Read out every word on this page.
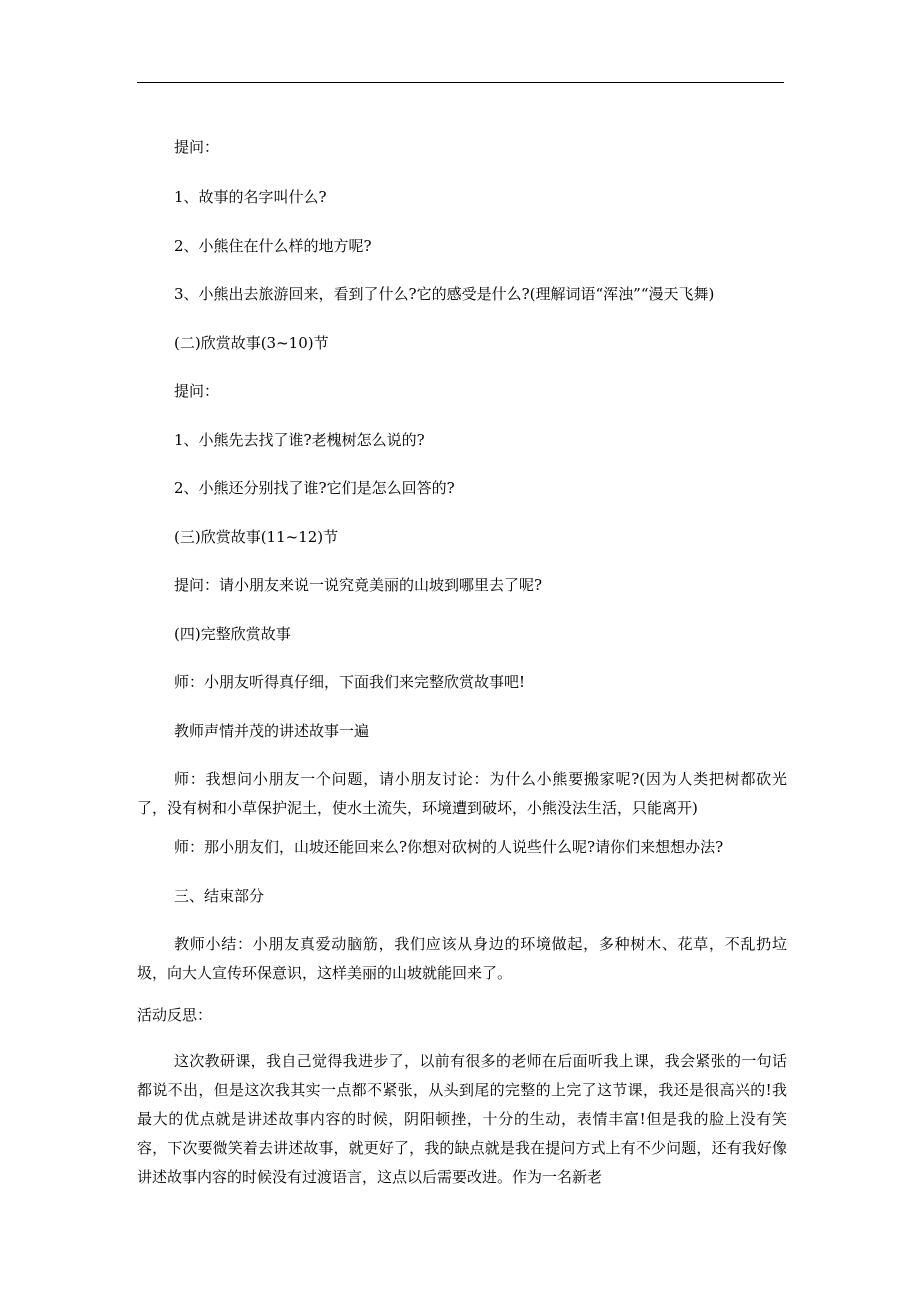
提问：
1、故事的名字叫什么?
2、小熊住在什么样的地方呢?
3、小熊出去旅游回来，看到了什么?它的感受是什么?(理解词语“浑浊”“漫天飞舞)
(二)欣赏故事(3~10)节
提问：
1、小熊先去找了谁?老槐树怎么说的?
2、小熊还分别找了谁?它们是怎么回答的?
(三)欣赏故事(11~12)节
提问：请小朋友来说一说究竟美丽的山坡到哪里去了呢?
(四)完整欣赏故事
师：小朋友听得真仔细，下面我们来完整欣赏故事吧!
教师声情并茂的讲述故事一遍
师：我想问小朋友一个问题，请小朋友讨论：为什么小熊要搬家呢?(因为人类把树都砍光了，没有树和小草保护泥土，使水土流失，环境遭到破坏，小熊没法生活，只能离开)
师：那小朋友们，山坡还能回来么?你想对砍树的人说些什么呢?请你们来想想办法?
三、结束部分
教师小结：小朋友真爱动脑筋，我们应该从身边的环境做起，多种树木、花草，不乱扔垃圾，向大人宣传环保意识，这样美丽的山坡就能回来了。
活动反思：
这次教研课，我自己觉得我进步了，以前有很多的老师在后面听我上课，我会紧张的一句话都说不出，但是这次我其实一点都不紧张，从头到尾的完整的上完了这节课，我还是很高兴的!我最大的优点就是讲述故事内容的时候，阴阳顿挫，十分的生动，表情丰富!但是我的脸上没有笑容，下次要微笑着去讲述故事，就更好了，我的缺点就是我在提问方式上有不少问题，还有我好像讲述故事内容的时候没有过渡语言，这点以后需要改进。作为一名新老
